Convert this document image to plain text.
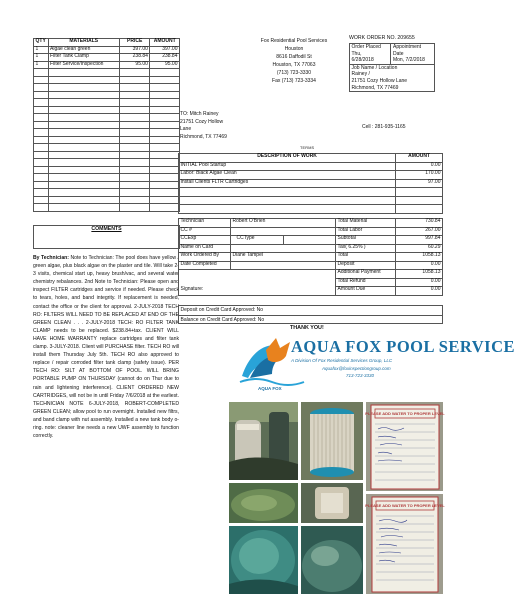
QTY	MATERIALS	PRICE	AMOUNT
1	Algae clean green	397.00	397.00
1	Filter Tank Clamp	238.84	238.84
1	Filter Service/Inspection	95.00	95.00

COMMENTS
By Technician: Note to Technician: The pool does have yellow / green algae, plus black algae on the plaster and tile. Will take 2-3 visits, chemical start up, heavy brush/vac, and several water chemistry rebalances. 2nd Note to Technician: Please open and inspect FILTER cartridges and service if needed. Please check to tears, holes, and band integrity. If replacement is needed, contact the office or the client for approval. 2-JULY-2018 TECH RO: FILTERS WILL NEED TO BE REPLACED AT END OF THE GREEN CLEAN . . . 2-JULY-2018 TECH: RO FILTER TANK CLAMP needs to be replaced. $238.84+tax. CLIENT WILL HAVE HOME WARRANTY replace cartridges and filter tank clamp. 3-JULY-2018. Client will PURCHASE filter. TECH RO will install them Thursday July 5th. TECH RO also approved to replace / repair corroded filter tank clamp (safety issue). PER TECH RO: SILT AT BOTTOM OF POOL. WILL BRING PORTABLE PUMP ON THURSDAY (cannot do on Thur due to rain and lightening interference). CLIENT ORDERED NEW CARTRIDGES, will not be in until Friday 7/6/2018 at the earliest. TECHNICIAN NOTE 6-JULY-2018, ROBERT-COMPLETED GREEN CLEAN; allow pool to run overnight. Installed new filtrs, and band clamp with nut assembly. Installed a new tank body o-ring. note: cleaner line needs a new UWF assembly to function correctly.
Fox Residential Pool Services
Houston
8616 Daffodil St
Houston, TX 77063
(713) 723-3330
Fax (713) 723-3334
WORK ORDER NO. 209655
Order Placed
Thu,
6/28/2018

Appointment
Date
Mon, 7/2/2018

Job Name / Location
Rainey /
21751 Cozy Hollow Lane
Richmond, TX 77469
TO: Mitch Rainey
21751 Cozy Hollow
Lane
Richmond, TX 77469
Cell : 281-935-1165
TERMS
DESCRIPTION OF WORK	AMOUNT
INITIAL Pool Startup	0.00
Labor: Black Algae Clean	170.00
Install Clients FLTR Cartridges	97.00

Technician	Robert O'Brien		Total Material	730.84
CC #			Total Labor	267.00
CCExp	CCType		Subtotal	997.84
Name on Card			Tax( 6.25% )	60.29
Work Ordered By	Diane Tampel		Total	1058.13
Date Completed			Deposit	0.00
			Additional Payment	1058.13
			Total Refund	0.00
Signature:			Amount Due	0.00
Deposit on Credit Card Approved: No
Balance on Credit Card Approved: No
THANK YOU!
AQUA FOX
AQUA FOX POOL SERVICE
A Division Of Fox Residential Services Group, LLC
Aquafox@foxinspectiongroup.com
713-723-3330
PLEASE ADD WATER TO PROPER LEVEL
PLEASE ADD WATER TO PROPER LEVEL
